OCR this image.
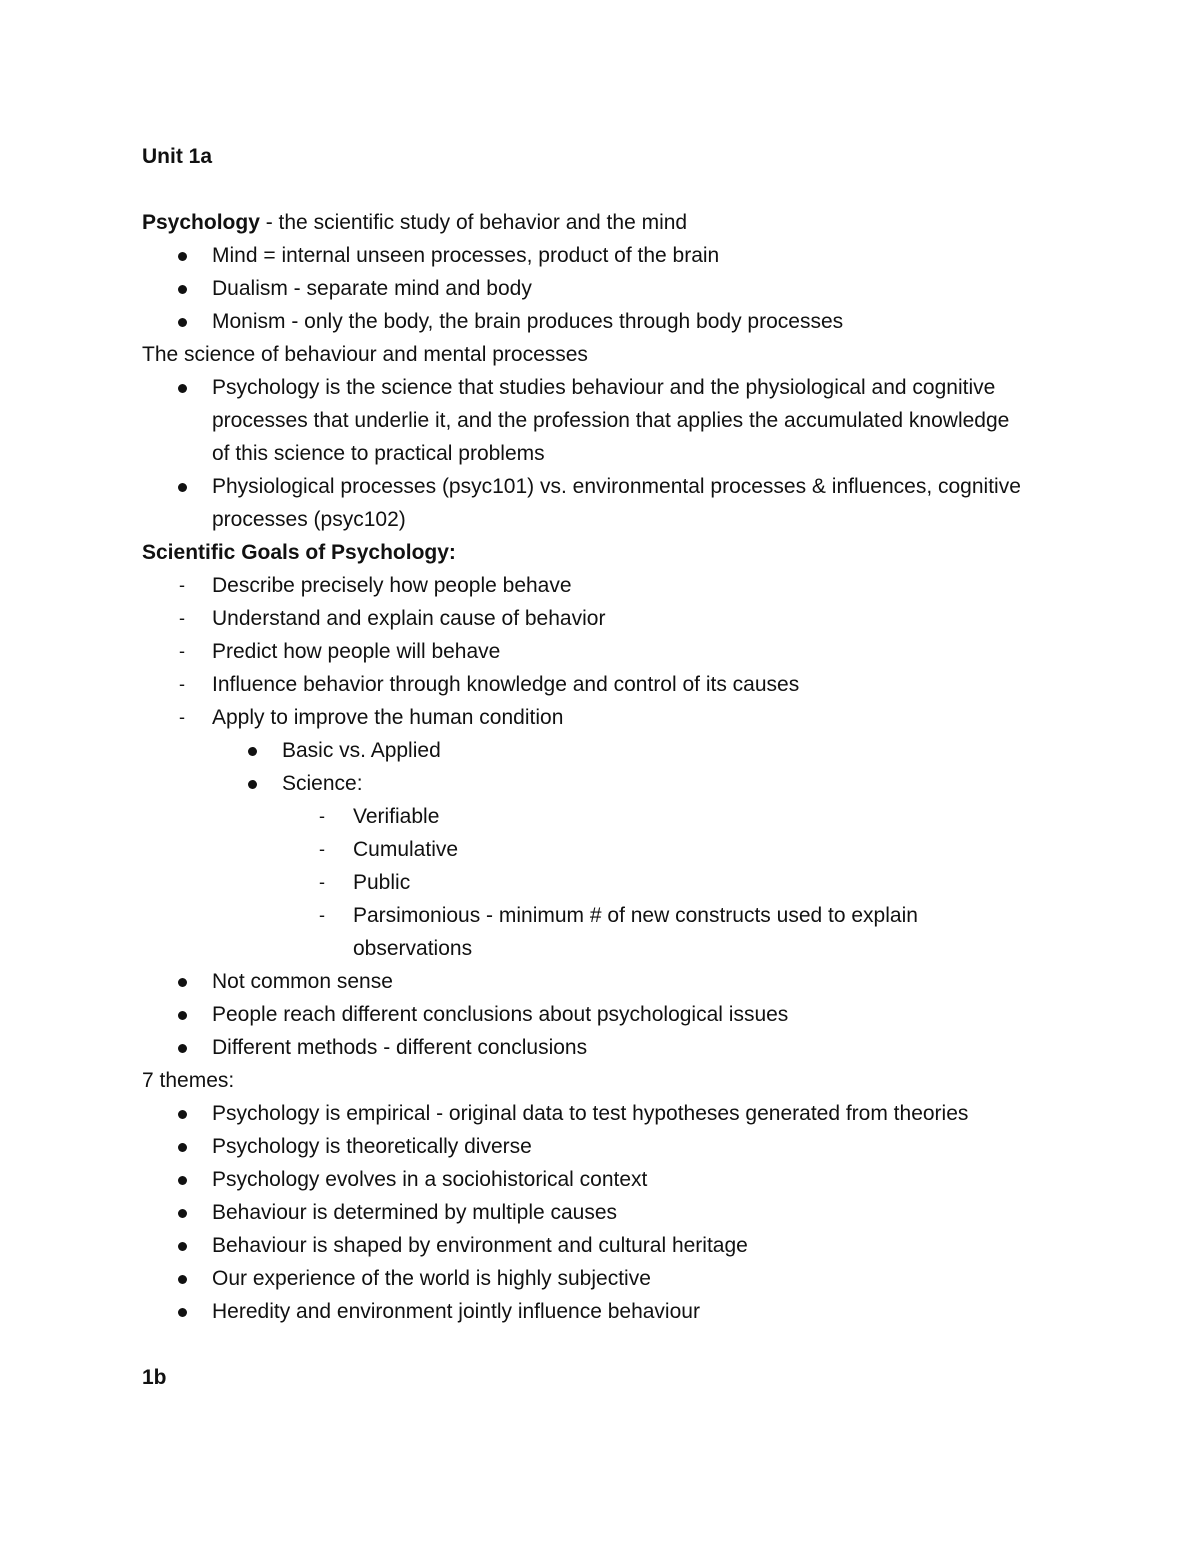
Unit 1a
Psychology - the scientific study of behavior and the mind
Mind = internal unseen processes, product of the brain
Dualism - separate mind and body
Monism - only the body, the brain produces through body processes
The science of behaviour and mental processes
Psychology is the science that studies behaviour and the physiological and cognitive
processes that underlie it, and the profession that applies the accumulated knowledge
of this science to practical problems
Physiological processes (psyc101) vs. environmental processes & influences, cognitive
processes (psyc102)
Scientific Goals of Psychology:
-	Describe precisely how people behave
-	Understand and explain cause of behavior
-	Predict how people will behave
-	Influence behavior through knowledge and control of its causes
-	Apply to improve the human condition
Basic vs. Applied
Science:
-	Verifiable
-	Cumulative
-	Public
-	Parsimonious - minimum # of new constructs used to explain
observations
Not common sense
People reach different conclusions about psychological issues
Different methods - different conclusions
7 themes:
Psychology is empirical - original data to test hypotheses generated from theories
Psychology is theoretically diverse
Psychology evolves in a sociohistorical context
Behaviour is determined by multiple causes
Behaviour is shaped by environment and cultural heritage
Our experience of the world is highly subjective
Heredity and environment jointly influence behaviour
1b
